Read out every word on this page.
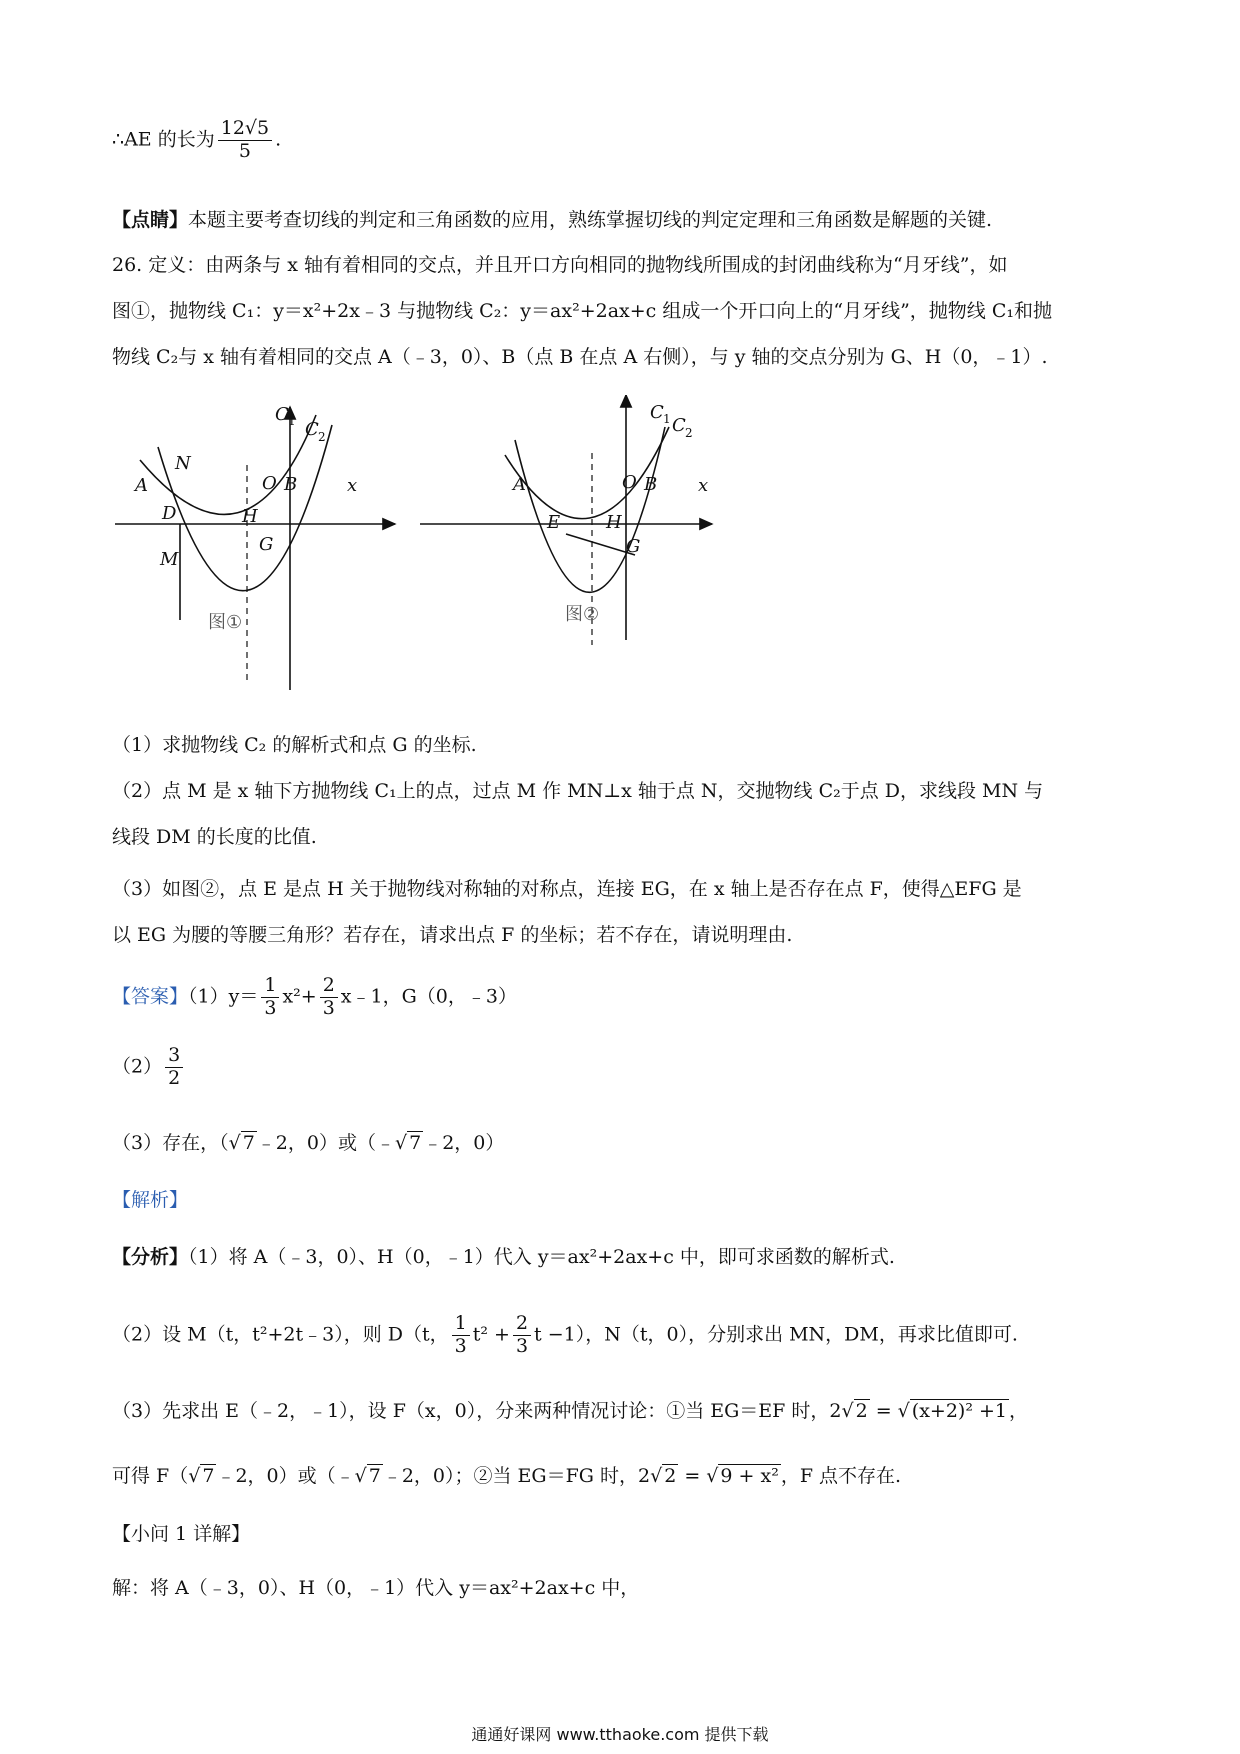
∴AE 的长为 $\frac{12√5}{5}$ .
【点睛】本题主要考查切线的判定和三角函数的应用，熟练掌握切线的判定定理和三角函数是解题的关键.
26. 定义：由两条与 x 轴有着相同的交点，并且开口方向相同的抛物线所围成的封闭曲线称为“月牙线”，如
图①，抛物线 C₁：y＝x²+2x﹣3 与抛物线 C₂：y＝ax²+2ax+c 组成一个开口向上的“月牙线”，抛物线 C₁和抛
物线 C₂与 x 轴有着相同的交点 A（﹣3，0）、B（点 B 在点 A 右侧），与 y 轴的交点分别为 G、H（0，﹣1）.
x
A
N
O B
D	H
G
M
C 1 C 2
x
A	O B
E	H
G
C 1 C 2
图①	图②
（1）求抛物线 C₂ 的解析式和点 G 的坐标.
（2）点 M 是 x 轴下方抛物线 C₁上的点，过点 M 作 MN⊥x 轴于点 N，交抛物线 C₂于点 D，求线段 MN 与
线段 DM 的长度的比值.
（3）如图②，点 E 是点 H 关于抛物线对称轴的对称点，连接 EG，在 x 轴上是否存在点 F，使得△EFG 是
以 EG 为腰的等腰三角形？若存在，请求出点 F 的坐标；若不存在，请说明理由.
【答案】$(1)y= \frac{1}{3} x^2+ \frac{2}{3}$ x﹣1，G（0，﹣3）
$(2) \frac{3}{2}$
（3）存在，（√ 7 ﹣2，0）或（﹣√ 7 ﹣2，0）
【解析】
【分析】（1）将 A（﹣3，0）、H（0，﹣1）代入 y＝ax²+2ax+c 中，即可求函数的解析式.
（2）设 M（t，t²+2t﹣3），则 D（t， $\frac{1}{3} t^2 + \frac{2}{3}$ t −1），N（t，0），分别求出 MN，DM，再求比值即可.
（3）先求出 E（﹣2，﹣1），设 F（x，0），分来两种情况讨论：①当 EG＝EF 时，2√ 2 = √ (x+2)² +1 ，
可得 F（√ 7 ﹣2，0）或（﹣√ 7 ﹣2，0）；②当 EG＝FG 时，2√ 2 = √ 9 + x² ，F 点不存在.
【小问 1 详解】
解：将 A（﹣3，0）、H（0，﹣1）代入 y＝ax²+2ax+c 中，
通通好课网 www.tthaoke.com 提供下载
